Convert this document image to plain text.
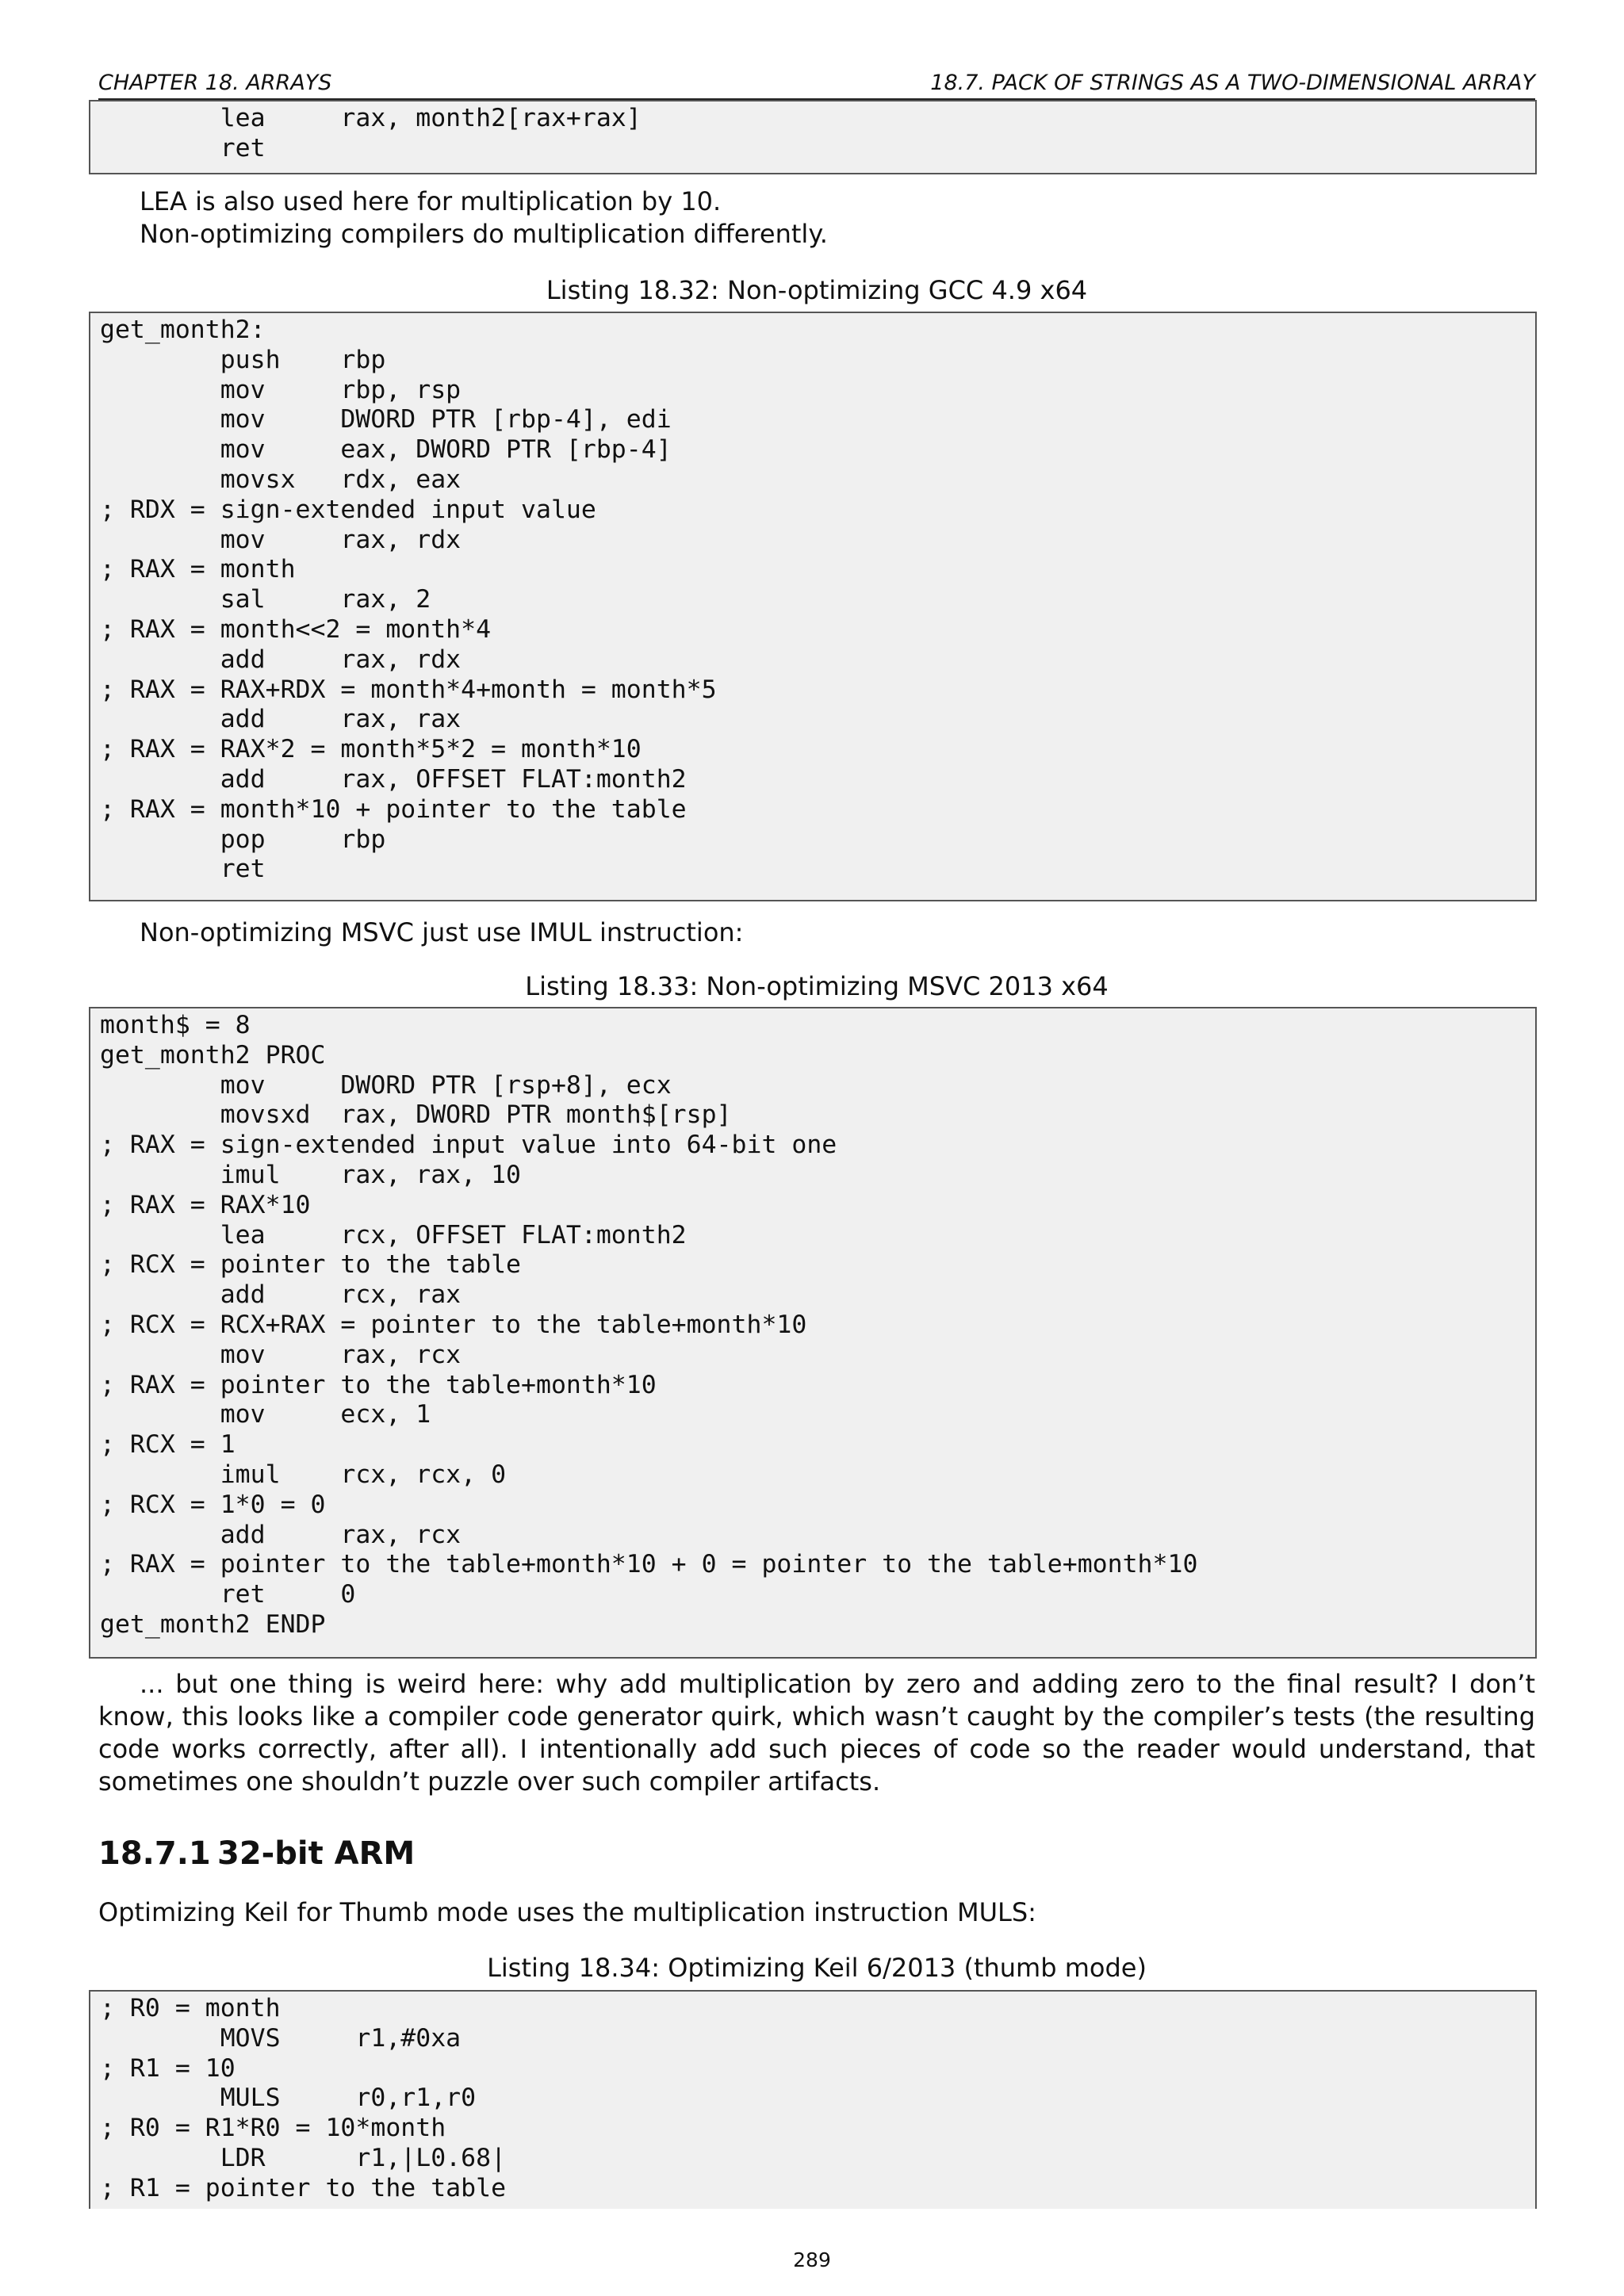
CHAPTER 18. ARRAYS	18.7. PACK OF STRINGS AS A TWO-DIMENSIONAL ARRAY
lea     rax, month2[rax+rax]
ret
LEA is also used here for multiplication by 10.
Non-optimizing compilers do multiplication differently.
Listing 18.32: Non-optimizing GCC 4.9 x64
get_month2:
push    rbp
mov     rbp, rsp
mov     DWORD PTR [rbp-4], edi
mov     eax, DWORD PTR [rbp-4]
movsx   rdx, eax
; RDX = sign-extended input value
mov     rax, rdx
; RAX = month
sal     rax, 2
; RAX = month<<2 = month*4
add     rax, rdx
; RAX = RAX+RDX = month*4+month = month*5
add     rax, rax
; RAX = RAX*2 = month*5*2 = month*10
add     rax, OFFSET FLAT:month2
; RAX = month*10 + pointer to the table
pop     rbp
ret
Non-optimizing MSVC just use IMUL instruction:
Listing 18.33: Non-optimizing MSVC 2013 x64
month$ = 8
get_month2 PROC
mov     DWORD PTR [rsp+8], ecx
movsxd  rax, DWORD PTR month$[rsp]
; RAX = sign-extended input value into 64-bit one
imul    rax, rax, 10
; RAX = RAX*10
lea     rcx, OFFSET FLAT:month2
; RCX = pointer to the table
add     rcx, rax
; RCX = RCX+RAX = pointer to the table+month*10
mov     rax, rcx
; RAX = pointer to the table+month*10
mov     ecx, 1
; RCX = 1
imul    rcx, rcx, 0
; RCX = 1*0 = 0
add     rax, rcx
; RAX = pointer to the table+month*10 + 0 = pointer to the table+month*10
ret     0
get_month2 ENDP
... but one thing is weird here: why add multiplication by zero and adding zero to the final result? I don’t know, this looks like a compiler code generator quirk, which wasn’t caught by the compiler’s tests (the resulting code works correctly, after all). I intentionally add such pieces of code so the reader would understand, that sometimes one shouldn’t puzzle over such compiler artifacts.
18.7.1 32-bit ARM
Optimizing Keil for Thumb mode uses the multiplication instruction MULS:
Listing 18.34: Optimizing Keil 6/2013 (thumb mode)
; R0 = month
MOVS     r1,#0xa
; R1 = 10
MULS     r0,r1,r0
; R0 = R1*R0 = 10*month
LDR      r1,|L0.68|
; R1 = pointer to the table
289
